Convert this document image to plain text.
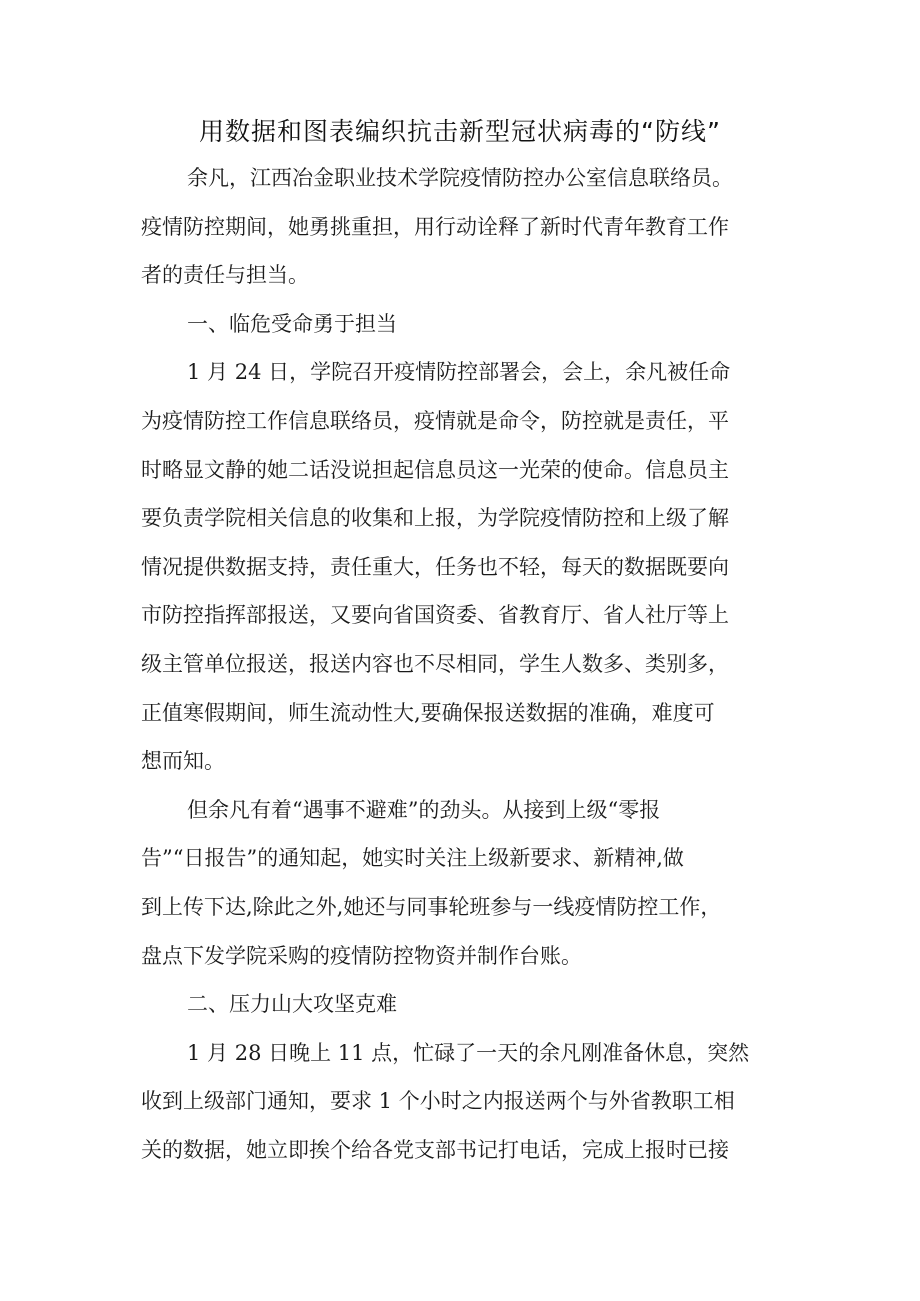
用数据和图表编织抗击新型冠状病毒的“防线”
余凡，江西冶金职业技术学院疫情防控办公室信息联络员。
疫情防控期间，她勇挑重担，用行动诠释了新时代青年教育工作
者的责任与担当。
一、临危受命勇于担当
1 月 24 日，学院召开疫情防控部署会，会上，余凡被任命
为疫情防控工作信息联络员，疫情就是命令，防控就是责任，平
时略显文静的她二话没说担起信息员这一光荣的使命。信息员主
要负责学院相关信息的收集和上报，为学院疫情防控和上级了解
情况提供数据支持，责任重大，任务也不轻，每天的数据既要向
市防控指挥部报送，又要向省国资委、省教育厅、省人社厅等上
级主管单位报送，报送内容也不尽相同，学生人数多、类别多，
正值寒假期间，师生流动性大,要确保报送数据的准确，难度可
想而知。
但余凡有着“遇事不避难”的劲头。从接到上级“零报
告”“日报告”的通知起，她实时关注上级新要求、新精神,做
到上传下达,除此之外,她还与同事轮班参与一线疫情防控工作，
盘点下发学院采购的疫情防控物资并制作台账。
二、压力山大攻坚克难
1 月 28 日晚上 11 点，忙碌了一天的余凡刚准备休息，突然
收到上级部门通知，要求 1 个小时之内报送两个与外省教职工相
关的数据，她立即挨个给各党支部书记打电话，完成上报时已接
